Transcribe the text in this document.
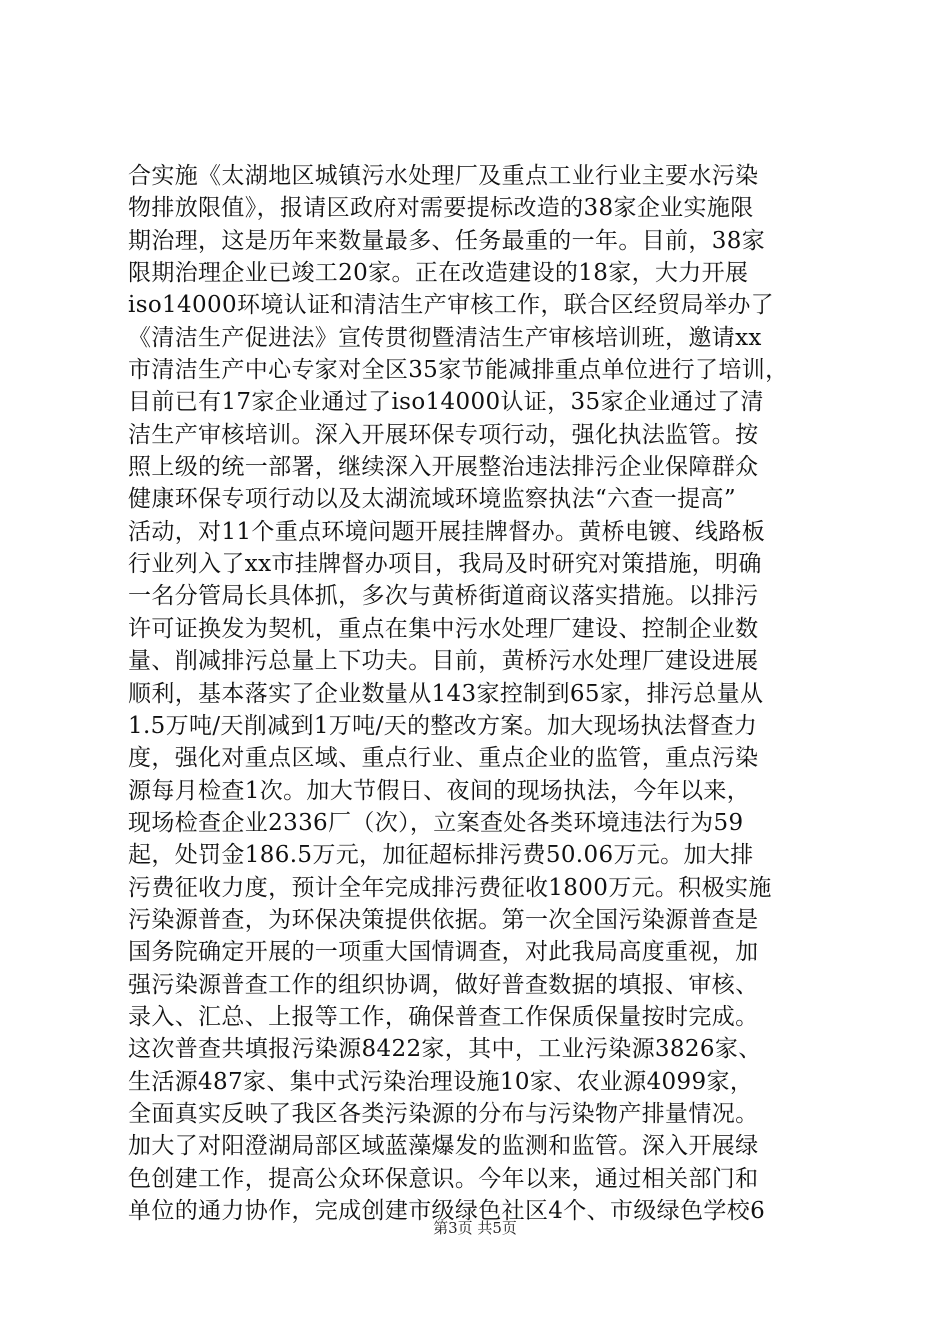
合实施《太湖地区城镇污水处理厂及重点工业行业主要水污染
物排放限值》，报请区政府对需要提标改造的38家企业实施限
期治理，这是历年来数量最多、任务最重的一年。目前，38家
限期治理企业已竣工20家。正在改造建设的18家，大力开展
iso14000环境认证和清洁生产审核工作，联合区经贸局举办了
《清洁生产促进法》宣传贯彻暨清洁生产审核培训班，邀请xx
市清洁生产中心专家对全区35家节能减排重点单位进行了培训，
目前已有17家企业通过了iso14000认证，35家企业通过了清
洁生产审核培训。深入开展环保专项行动，强化执法监管。按
照上级的统一部署，继续深入开展整治违法排污企业保障群众
健康环保专项行动以及太湖流域环境监察执法“六查一提高”
活动，对11个重点环境问题开展挂牌督办。黄桥电镀、线路板
行业列入了xx市挂牌督办项目，我局及时研究对策措施，明确
一名分管局长具体抓，多次与黄桥街道商议落实措施。以排污
许可证换发为契机，重点在集中污水处理厂建设、控制企业数
量、削减排污总量上下功夫。目前，黄桥污水处理厂建设进展
顺利，基本落实了企业数量从143家控制到65家，排污总量从
1.5万吨/天削减到1万吨/天的整改方案。加大现场执法督查力
度，强化对重点区域、重点行业、重点企业的监管，重点污染
源每月检查1次。加大节假日、夜间的现场执法，今年以来，
现场检查企业2336厂（次），立案查处各类环境违法行为59
起，处罚金186.5万元，加征超标排污费50.06万元。加大排
污费征收力度，预计全年完成排污费征收1800万元。积极实施
污染源普查，为环保决策提供依据。第一次全国污染源普查是
国务院确定开展的一项重大国情调查，对此我局高度重视，加
强污染源普查工作的组织协调，做好普查数据的填报、审核、
录入、汇总、上报等工作，确保普查工作保质保量按时完成。
这次普查共填报污染源8422家，其中，工业污染源3826家、
生活源487家、集中式污染治理设施10家、农业源4099家，
全面真实反映了我区各类污染源的分布与污染物产排量情况。
加大了对阳澄湖局部区域蓝藻爆发的监测和监管。深入开展绿
色创建工作，提高公众环保意识。今年以来，通过相关部门和
单位的通力协作，完成创建市级绿色社区4个、市级绿色学校6
第3页 共5页
